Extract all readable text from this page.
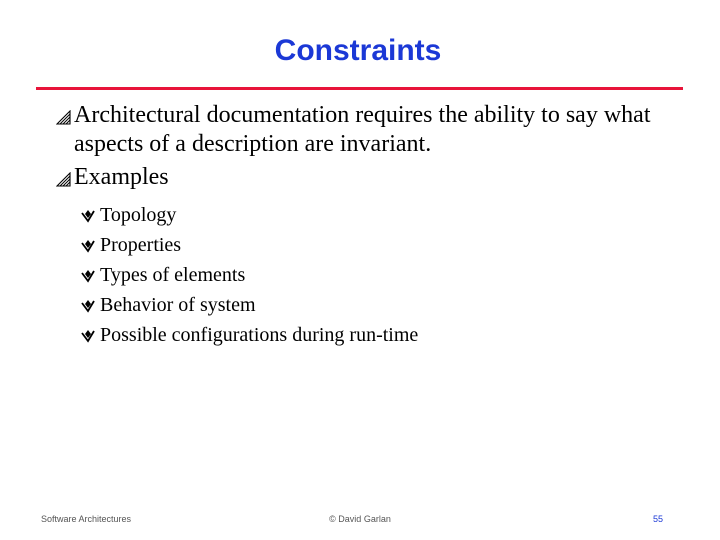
Constraints
Architectural documentation requires the ability to say what aspects of a description are invariant.
Examples
Topology
Properties
Types of elements
Behavior of system
Possible configurations during run-time
Software Architectures	© David Garlan	55
